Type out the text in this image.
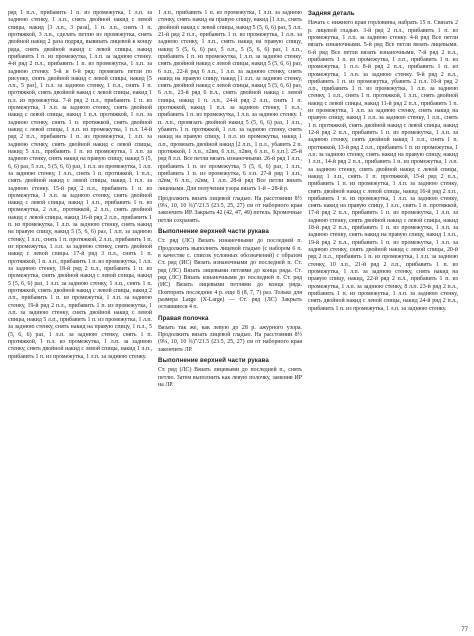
ряд 1 п.л., прибавить 1 п. из промежутка, 1 л.п. за заднюю стенку, 1 л.п., снять двойной накид с левой спицы, накид [3 л.п., 3 раза], 1 п. л.п., снять 1 п. протяжкой, 3 л.п., сделать петлю из промежутка, снять двойной накид 2 раза подряд, вывязать лицевой к концу ряда, снять двойной накид с левой спицы, накид прибавить 1 п. из промежутка, 1 л.п. за заднюю стенку. 4-й ряд 2 п.л., прибавить 1 п. из промежутка, 1 л.п. за заднюю стенку. 5-й и 6-й ряд: провязать петли по рисунку, снять двойной накид с левой спицы, накид [5 л.п., 5 раз], 1 п.л. за заднюю стенку, 1 п.л., снять 1 п. протяжкой, снять двойной накид с левой спицы, накид 1 п.л. из промежутка. 7-й ряд 2 п.л., прибавить 1 п. из промежутка, 1 л.п. за заднюю стенку, снять двойной накид с левой спицы, накид 1 п.л. протяжкой, 1 л.п. за заднюю стенку, снять 1 п. протяжкой, снять двойной накид с левой спицы, 1 л.п. из промежутка, 1 п.л. 14-й ряд 2 п.л., прибавить 1 п. из промежутка, 1 л.п. за заднюю стенку, снять двойной накид с левой спицы, накид 5 л.п., прибавить 1 п. из промежутка, 1 л.п. за заднюю стенку, снять накид на правую спицу, накид 5 (5, 6, 6) раз, 5 л.п., 5 (5, 6, 6) раз, 1 п.л. из промежутка, 1 л.п. за заднюю стенку, 1 л.п., снять 1 п. протяжкой, 1 п.л., снять двойной накид с левой спицы, накид 1 п.л. за заднюю стенку. 15-й ряд 2 п.л., прибавить 1 п. из промежутка, 1 л.п. за заднюю стенку, снять двойной накид с левой спицы, накид 1 л.п., прибавить 1 п. из промежутка, 2 л.п., протяжкой, 2 л.п., снять двойной накид с левой спицы, накид 16-й ряд 2 л.п., прибавить 1 п. из промежутка, 1 л.п. за заднюю стенку, снять накид на правую спицу, накид 5 (5, 6, 6) раз, 1 л.п. за заднюю стенку, 1 л.п., снять 1 п. протяжкой, 2 л.п., прибавить 1 п. из промежутка, 1 л.п. за заднюю стенку, снять двойной накид с левой спицы. 17-й ряд 3 п.л., снять 1 п. протяжкой, 1 п. л.п., прибавить 1 п. из промежутка, 1 л.п. за заднюю стенку, 18-й ряд 2 п.л., прибавить 1 п. из промежутка, снять двойной накид с левой спицы, накид 5 (5, 6, 6) раз, 1 л.п. за заднюю стенку, 1 л.п., снять 1 п. протяжкой, снять двойной накид с левой спицы, накид 2 л.п., прибавить 1 п. из промежутка, 1 л.п. за заднюю стенку, 19-й ряд 2 п.л., прибавить 1 п. из промежутка, 1 л.п. за заднюю стенку, снять двойной накид с левой спицы, накид 5 л.п., прибавить 1 п. из промежутка, 1 л.п. за заднюю стенку, снять накид на правую спицу, 1 п.л., 5 (5, 6, 6) раз, 1 л.п. за заднюю стенку, снять 1 п. протяжкой, 1 п.л. из промежутка, 1 л.п. за заднюю стенку, снять двойной накид с левой спицы, накид 1 л.п., прибавить 1 п. из промежутка, 1 л.п. за заднюю стенку.

1 л.п., прибавить 1 п. из промежутка, 1 л.п. за заднюю стенку, снять накид на правую спицу, накид [1 л.п., снять двойной накид с левой спицы, накид 5 (5, 6, 6) раз, 5 л.п. 21-й ряд 2 п.л., прибавить 1 п. из промежутка, 1 л.п. за заднюю стенку, 1 л.п., снять накид на правую спицу, накид 5 (5, 6, 6) раз, 5 л.п., 5 (5, 6, 6) раз, 1 л.п., прибавить 1 п. из промежутка, 1 л.п. за заднюю стенку, снять двойной накид с левой спицы, накид 5 (5, 6, 6) раз, 6 л.п., 22-й ряд 6 л.п., 1 л.п. за заднюю стенку, снять накид на правую спицу, накид [1 л.п. за заднюю стенку, снять двойной накид с левой спицы, накид 5 (5, 6, 6) раз, 6 л.п., 23-й ряд 6 п.л., снять двойной накид с левой спицы, накид 1 п. л.п., 24-й ряд 2 л.п., снять 1 п. протяжкой, накид 1 п.л. за заднюю стенку, 1 п.л., прибавить 1 п. из промежутка, 1 л.п. за заднюю стенку. 1 п. л.п., провязать двойной накид 5 (5, 6, 6) раз, 1 л.п., убавить 1 п. протяжкой, 1 л.п. за заднюю стенку, снять накид на правую спицу, 1 п.л. из промежутка, накид 1 л.п., провязать двойной накид [2 л.п., 1 п.л., убавить 2 п. протяжкой, 1 л.п., л2вм, 6 л.п., л2вм, 6 л.п., 6 л.п.]. 25-й ряд 8 л.п. Все петли вязать изнаночными. 26-й ряд 1 л.п., прибавить 1 п. из промежутка, 5 (5, 6, 6) раз, 1 л.п., прибавить 1 п. из промежутка, 6 л.п. 27-й ряд 1 л.п., л2вм, 6 л.п., л2вм, 1 л.п. 28-й ряд Все петли вязать лицевыми. Для получения узора вязать 1-й – 28-й р.

Продолжить вязать лицевой гладью. На расстоянии 8½ (9¼, 10, 10 ¾)"/21.5 (23.5, 25, 27) см от наборного края закончить ИР. Закрыть 42 (42, 47, 49) петель. Кромочные петли сохранять.

Выполнение верхней части рукава

Ст. ряд (ЛС) Вязать изнаночными до последней п. Продолжить выполнять лицевой гладью (с набором 6 п. в качестве с. список условных обозначений) с образом Ст. ряд (ИС) Вязать изнаночными до последней п. Ст. ряд (ЛС) Вязать лицевыми петлями до конца ряда. Ст. ряд (ЛС) Вязать изнаночными до последней п. Ст. ряд (ИС) Вязать лицевыми петлями до конца ряда. Повторять последние 4 р. еще 8 (8, 7, 7) раз. Только для размера Large (X-Large) — Ст. ряд (ЛС) Закрыть оставшиеся 4 п.

Правая полочка

Вязать так же, как левую до 28 р. ажурного узора. Продолжить вязать лицевой гладью. На расстоянии 8½ (9¼, 10, 10 ¾)"/21.5 (23.5, 25, 27) см от наборного края закончить ЛР.

Выполнение верхней части рукава

Ст. ряд (ЛС) Вязать лицевыми до последней п., снять петлю. Затем выполнить как левую полочку, заменив ИР на ЛР.

Задняя деталь

Начать с нижнего края горловины, набрать 15 п. Связать 2 р. лицевой гладью. 3-й ряд 2 п.л., прибавить 1 п. из промежутка, 1 л.п. за заднюю стенку. 4-й ряд Все петли вязать изнаночными. 5-й ряд Все петли вязать лицевыми. 6-й ряд Все петли вязать изнаночными. 7-й ряд 2 п.л., прибавить 1 п. из промежутка, 1 л.п., прибавить 1 п. из промежутка, 1 п.л. 8-й ряд 2 п.л., прибавить 1 п. из промежутка, 1 л.п. за заднюю стенку. 9-й ряд 2 п.л., прибавить 1 п. из промежутка, убавить 2 п.л. 10-й ряд 2 л.п., прибавить 1 п. из промежутка, 1 л.п. за заднюю стенку, 1 л.п., снять 1 п. протяжкой, 1 л.п., снять двойной накид с левой спицы, накид 11-й ряд 2 п.л., прибавить 1 п. из промежутка, 1 л.п. за заднюю стенку, снять накид на правую спицу, накид 1 л.п. за заднюю стенку, 1 л.п., снять 1 п. протяжкой, снять двойной накид с левой спицы, накид 12-й ряд 2 п.л., прибавить 1 п. из промежутка, 1 л.п. за заднюю стенку, снять двойной накид 1 л.п., снять 1 п. протяжкой, 13-й ряд 2 л.п., прибавить 1 п. из промежутка, 1 л.п. за заднюю стенку, снять накид на правую спицу, накид 1 л.п., 14-й ряд 2 п.л., прибавить 1 п. из промежутка, 1 л.п. за заднюю стенку, снять двойной накид с левой спицы, накид 1 л.п., снять 1 п. протяжкой, 15-й ряд 2 п.л., прибавить 1 п. из промежутка, 1 л.п. за заднюю стенку, снять двойной накид с левой спицы, накид 16-й ряд 2 л.п., прибавить 1 п. из промежутка, 1 л.п. за заднюю стенку, снять накид на правую спицу, 1 л.п., снять 1 п. протяжкой, 17-й ряд 2 п.л., прибавить 1 п. из промежутка, 1 л.п. за заднюю стенку, снять двойной накид с левой спицы, накид 18-й ряд 2 п.л., прибавить 1 п. из промежутка, 1 л.п. за заднюю стенку, снять накид на правую спицу, накид 1 л.п., 19-й ряд 2 п.л., прибавить 1 п. из промежутка, 1 л.п. за заднюю стенку, снять двойной накид с левой спицы, 20-й ряд 2 п.л., прибавить 1 п. из промежутка, 1 л.п. за заднюю стенку, 10 л.п., 21-й ряд 2 л.п., прибавить 1 п. из промежутка, 1 л.п. за заднюю стенку, снять накид на правую спицу, накид, 22-й ряд 2 п.л., прибавить 1 п. из промежутка, 1 л.п. за заднюю стенку, 8 л.п. 23-й ряд 2 п.л., прибавить 1 п. из промежутка, 1 л.п. за заднюю стенку, снять двойной накид с левой спицы, накид 24-й ряд 2 п.л., прибавить 1 п. из промежутка, 1 л.п. за заднюю стенку.

77
